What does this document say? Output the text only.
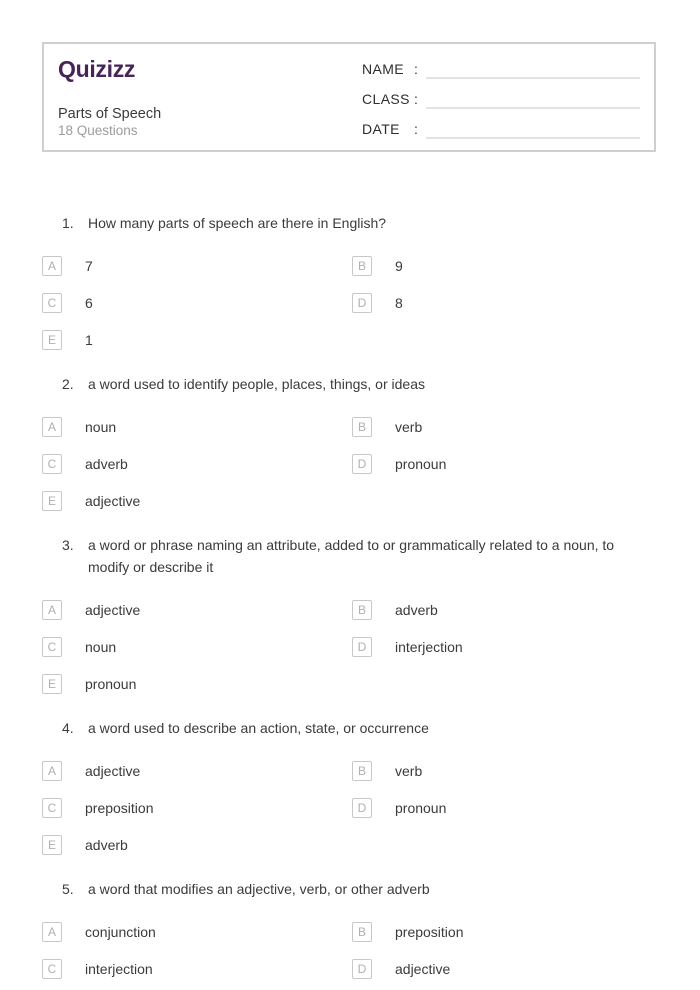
Quizizz
Parts of Speech
18 Questions
NAME :
CLASS :
DATE	:
1.	How many parts of speech are there in English?
A 7	B 9
C 6	D 8
E 1
2.	a word used to identify people, places, things, or ideas
A noun	B verb
C adverb	D pronoun
E adjective
3.	a word or phrase naming an attribute, added to or grammatically related to a noun, to modify or describe it
A adjective	B adverb
C noun	D interjection
E pronoun
4.	a word used to describe an action, state, or occurrence
A adjective	B verb
C preposition	D pronoun
E adverb
5.	a word that modifies an adjective, verb, or other adverb
A conjunction	B preposition
C interjection	D adjective
